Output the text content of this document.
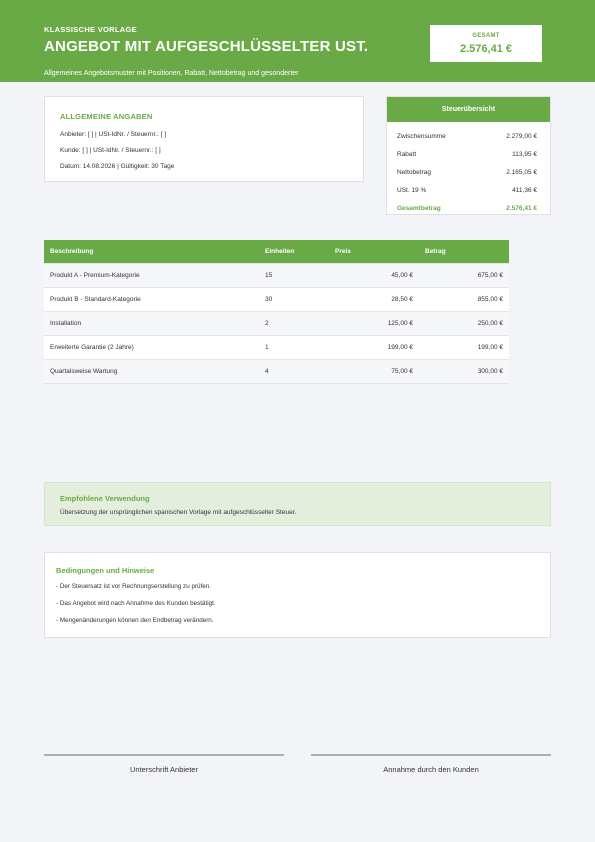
KLASSISCHE VORLAGE
ANGEBOT MIT AUFGESCHLÜSSELTER UST.
Allgemeines Angebotsmuster mit Positionen, Rabatt, Nettobetrag und gesonderter
GESAMT
2.576,41 €
ALLGEMEINE ANGABEN
Anbieter: [ ] | USt-IdNr. / Steuernr.: [ ]
Kunde: [ ] | USt-IdNr. / Steuernr.: [ ]
Datum: 14.08.2026 | Gültigkeit: 30 Tage
Steuerübersicht
Zwischensumme	2.279,00 €
Rabatt	113,95 €
Nettobetrag	2.165,05 €
USt. 19 %	411,36 €
Gesamtbetrag	2.576,41 €
Beschreibung	Einheiten	Preis	Betrag
Produkt A - Premium-Kategorie	15	45,00 €	675,00 €
Produkt B - Standard-Kategorie	30	28,50 €	855,00 €
Installation	2	125,00 €	250,00 €
Erweiterte Garantie (2 Jahre)	1	199,00 €	199,00 €
Quartalsweise Wartung	4	75,00 €	300,00 €
Empfohlene Verwendung
Übersetzung der ursprünglichen spanischen Vorlage mit aufgeschlüsselter Steuer.
Bedingungen und Hinweise
- Der Steuersatz ist vor Rechnungserstellung zu prüfen.
- Das Angebot wird nach Annahme des Kunden bestätigt.
- Mengenänderungen können den Endbetrag verändern.
Unterschrift Anbieter	Annahme durch den Kunden
